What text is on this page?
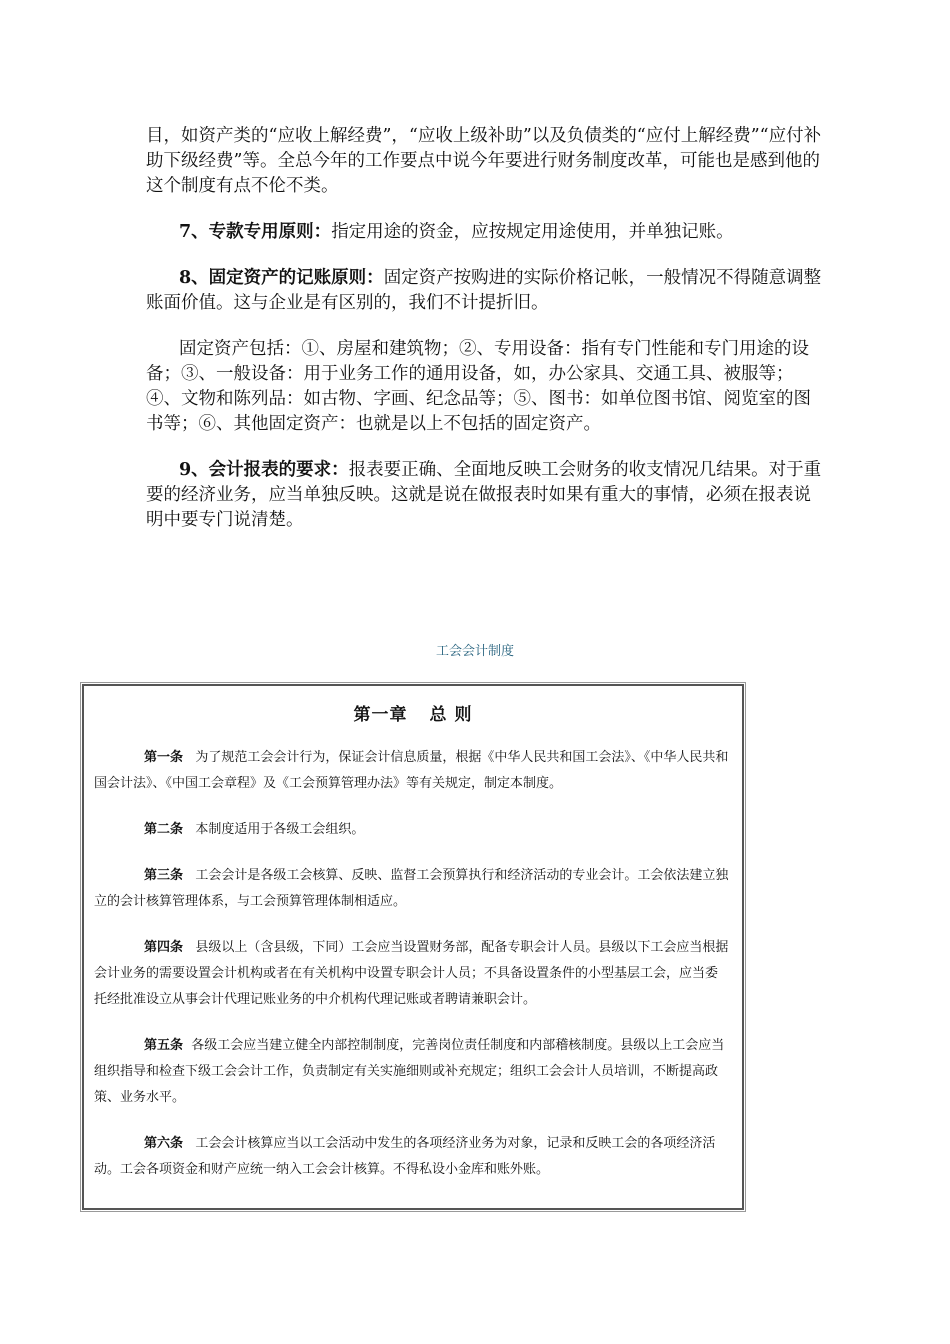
目，如资产类的“应收上解经费”，“应收上级补助”以及负债类的“应付上解经费”“应付补助下级经费”等。全总今年的工作要点中说今年要进行财务制度改革，可能也是感到他的这个制度有点不伦不类。

7、专款专用原则：指定用途的资金，应按规定用途使用，并单独记账。

8、固定资产的记账原则：固定资产按购进的实际价格记帐，一般情况不得随意调整账面价值。这与企业是有区别的，我们不计提折旧。

固定资产包括：①、房屋和建筑物；②、专用设备：指有专门性能和专门用途的设备；③、一般设备：用于业务工作的通用设备，如，办公家具、交通工具、被服等；④、文物和陈列品：如古物、字画、纪念品等；⑤、图书：如单位图书馆、阅览室的图书等；⑥、其他固定资产：也就是以上不包括的固定资产。

9、会计报表的要求：报表要正确、全面地反映工会财务的收支情况几结果。对于重要的经济业务，应当单独反映。这就是说在做报表时如果有重大的事情，必须在报表说明中要专门说清楚。

工会会计制度
第一章 总 则

第一条 为了规范工会会计行为，保证会计信息质量，根据《中华人民共和国工会法》、《中华人民共和国会计法》、《中国工会章程》及《工会预算管理办法》等有关规定，制定本制度。

第二条 本制度适用于各级工会组织。

第三条 工会会计是各级工会核算、反映、监督工会预算执行和经济活动的专业会计。工会依法建立独立的会计核算管理体系，与工会预算管理体制相适应。

第四条 县级以上（含县级，下同）工会应当设置财务部，配备专职会计人员。县级以下工会应当根据会计业务的需要设置会计机构或者在有关机构中设置专职会计人员；不具备设置条件的小型基层工会，应当委托经批准设立从事会计代理记账业务的中介机构代理记账或者聘请兼职会计。

第五条 各级工会应当建立健全内部控制制度，完善岗位责任制度和内部稽核制度。县级以上工会应当组织指导和检查下级工会会计工作，负责制定有关实施细则或补充规定；组织工会会计人员培训，不断提高政策、业务水平。

第六条 工会会计核算应当以工会活动中发生的各项经济业务为对象，记录和反映工会的各项经济活动。工会各项资金和财产应统一纳入工会会计核算。不得私设小金库和账外账。
